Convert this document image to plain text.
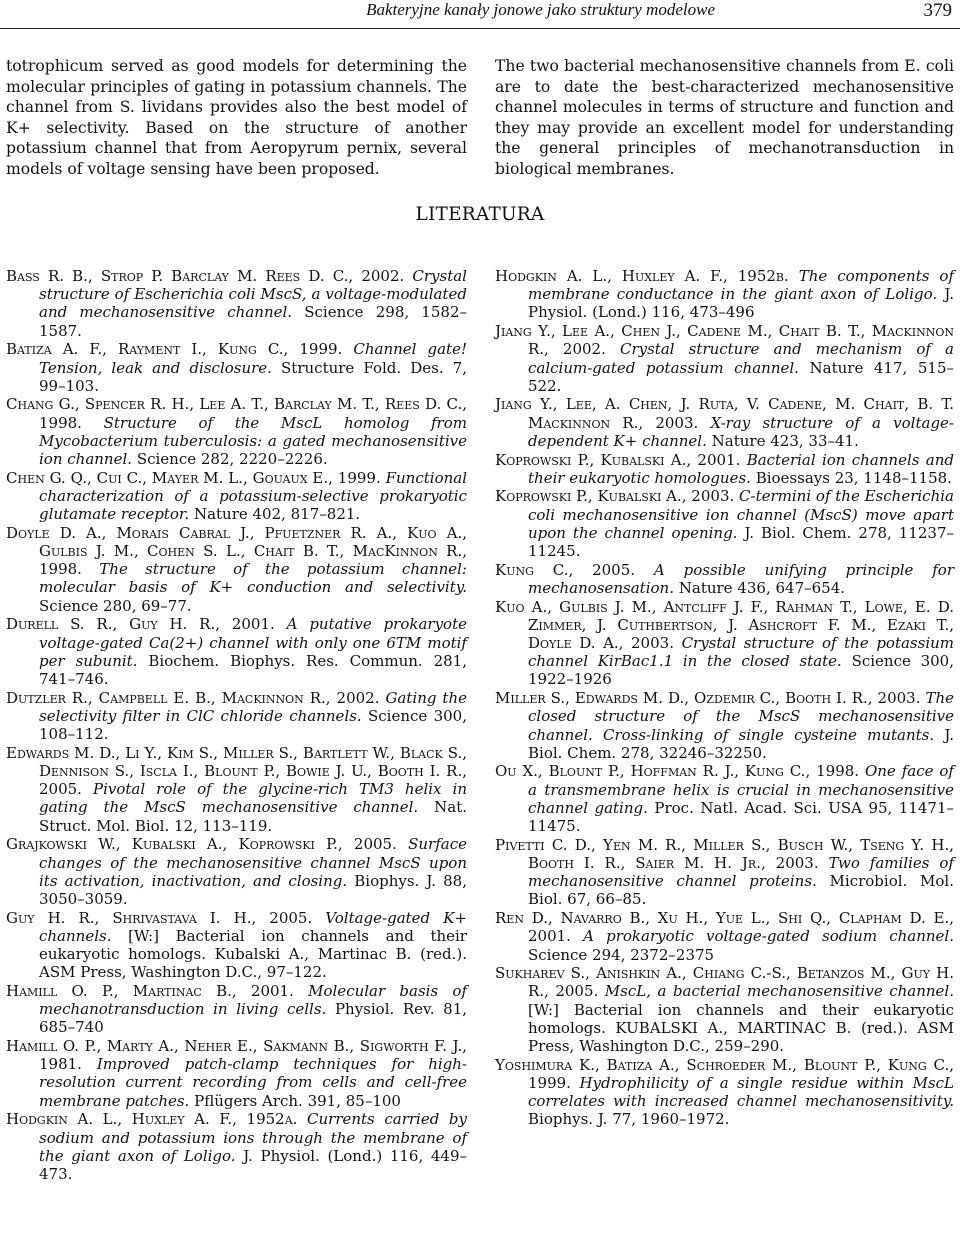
Bakteryjne kanały jonowe jako struktury modelowe	379

totrophicum served as good models for determining the molecular principles of gating in potassium channels. The channel from S. lividans provides also the best model of K+ selectivity. Based on the structure of another potassium channel that from Aeropyrum pernix, several models of voltage sensing have been proposed.

The two bacterial mechanosensitive channels from E. coli are to date the best-characterized mechanosensitive channel molecules in terms of structure and function and they may provide an excellent model for understanding the general principles of mechanotransduction in biological membranes.

LITERATURA

Bass R. B., Strop P. Barclay M. Rees D. C., 2002. Crystal structure of Escherichia coli MscS, a voltage-modulated and mechanosensitive channel. Science 298, 1582–1587.

Batiza A. F., Rayment I., Kung C., 1999. Channel gate! Tension, leak and disclosure. Structure Fold. Des. 7, 99–103.

Chang G., Spencer R. H., Lee A. T., Barclay M. T., Rees D. C., 1998. Structure of the MscL homolog from Mycobacterium tuberculosis: a gated mechanosensitive ion channel. Science 282, 2220–2226.

Chen G. Q., Cui C., Mayer M. L., Gouaux E., 1999. Functional characterization of a potassium-selective prokaryotic glutamate receptor. Nature 402, 817–821.

Doyle D. A., Morais Cabral J., Pfuetzner R. A., Kuo A., Gulbis J. M., Cohen S. L., Chait B. T., MacKinnon R., 1998. The structure of the potassium channel: molecular basis of K+ conduction and selectivity. Science 280, 69–77.

Durell S. R., Guy H. R., 2001. A putative prokaryote voltage-gated Ca(2+) channel with only one 6TM motif per subunit. Biochem. Biophys. Res. Commun. 281, 741–746.

Dutzler R., Campbell E. B., Mackinnon R., 2002. Gating the selectivity filter in ClC chloride channels. Science 300, 108–112.

Edwards M. D., Li Y., Kim S., Miller S., Bartlett W., Black S., Dennison S., Iscla I., Blount P., Bowie J. U., Booth I. R., 2005. Pivotal role of the glycine-rich TM3 helix in gating the MscS mechanosensitive channel. Nat. Struct. Mol. Biol. 12, 113–119.

Grajkowski W., Kubalski A., Koprowski P., 2005. Surface changes of the mechanosensitive channel MscS upon its activation, inactivation, and closing. Biophys. J. 88, 3050–3059.

Guy H. R., Shrivastava I. H., 2005. Voltage-gated K+ channels. [W:] Bacterial ion channels and their eukaryotic homologs. Kubalski A., Martinac B. (red.). ASM Press, Washington D.C., 97–122.

Hamill O. P., Martinac B., 2001. Molecular basis of mechanotransduction in living cells. Physiol. Rev. 81, 685–740

Hamill O. P., Marty A., Neher E., Sakmann B., Sigworth F. J., 1981. Improved patch-clamp techniques for high-resolution current recording from cells and cell-free membrane patches. Pflügers Arch. 391, 85–100

Hodgkin A. L., Huxley A. F., 1952a. Currents carried by sodium and potassium ions through the membrane of the giant axon of Loligo. J. Physiol. (Lond.) 116, 449–473.

Hodgkin A. L., Huxley A. F., 1952b. The components of membrane conductance in the giant axon of Loligo. J. Physiol. (Lond.) 116, 473–496

Jiang Y., Lee A., Chen J., Cadene M., Chait B. T., Mackinnon R., 2002. Crystal structure and mechanism of a calcium-gated potassium channel. Nature 417, 515–522.

Jiang Y., Lee, A. Chen, J. Ruta, V. Cadene, M. Chait, B. T. Mackinnon R., 2003. X-ray structure of a voltage-dependent K+ channel. Nature 423, 33–41.

Koprowski P., Kubalski A., 2001. Bacterial ion channels and their eukaryotic homologues. Bioessays 23, 1148–1158.

Koprowski P., Kubalski A., 2003. C-termini of the Escherichia coli mechanosensitive ion channel (MscS) move apart upon the channel opening. J. Biol. Chem. 278, 11237–11245.

Kung C., 2005. A possible unifying principle for mechanosensation. Nature 436, 647–654.

Kuo A., Gulbis J. M., Antcliff J. F., Rahman T., Lowe, E. D. Zimmer, J. Cuthbertson, J. Ashcroft F. M., Ezaki T., Doyle D. A., 2003. Crystal structure of the potassium channel KirBac1.1 in the closed state. Science 300, 1922–1926

Miller S., Edwards M. D., Ozdemir C., Booth I. R., 2003. The closed structure of the MscS mechanosensitive channel. Cross-linking of single cysteine mutants. J. Biol. Chem. 278, 32246–32250.

Ou X., Blount P., Hoffman R. J., Kung C., 1998. One face of a transmembrane helix is crucial in mechanosensitive channel gating. Proc. Natl. Acad. Sci. USA 95, 11471–11475.

Pivetti C. D., Yen M. R., Miller S., Busch W., Tseng Y. H., Booth I. R., Saier M. H. Jr., 2003. Two families of mechanosensitive channel proteins. Microbiol. Mol. Biol. 67, 66–85.

Ren D., Navarro B., Xu H., Yue L., Shi Q., Clapham D. E., 2001. A prokaryotic voltage-gated sodium channel. Science 294, 2372–2375

Sukharev S., Anishkin A., Chiang C.-S., Betanzos M., Guy H. R., 2005. MscL, a bacterial mechanosensitive channel. [W:] Bacterial ion channels and their eukaryotic homologs. KUBALSKI A., MARTINAC B. (red.). ASM Press, Washington D.C., 259–290.

Yoshimura K., Batiza A., Schroeder M., Blount P., Kung C., 1999. Hydrophilicity of a single residue within MscL correlates with increased channel mechanosensitivity. Biophys. J. 77, 1960–1972.
